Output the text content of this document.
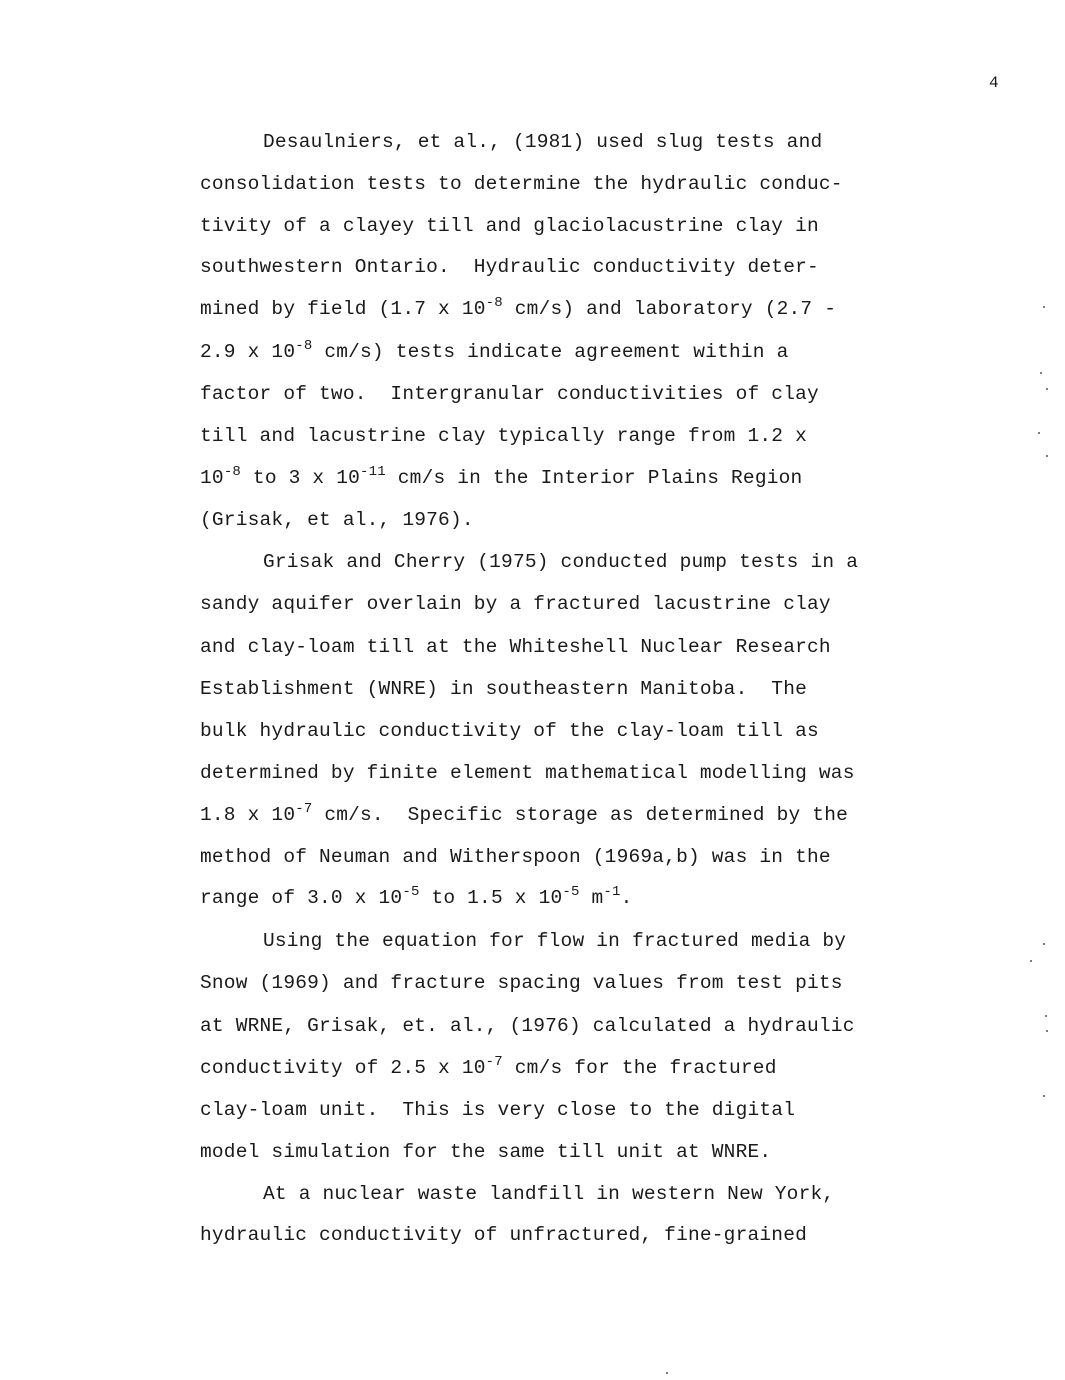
4
Desaulniers, et al., (1981) used slug tests and
consolidation tests to determine the hydraulic conduc-
tivity of a clayey till and glaciolacustrine clay in
southwestern Ontario.  Hydraulic conductivity deter-
mined by field (1.7 x $10^{-8}$ cm/s) and laboratory (2.7 -
2.9 x $10^{-8}$ cm/s) tests indicate agreement within a
factor of two.  Intergranular conductivities of clay
till and lacustrine clay typically range from 1.2 x
$10^{-8}$ to 3 x $10^{-11}$ cm/s in the Interior Plains Region
(Grisak, et al., 1976).
Grisak and Cherry (1975) conducted pump tests in a
sandy aquifer overlain by a fractured lacustrine clay
and clay-loam till at the Whiteshell Nuclear Research
Establishment (WNRE) in southeastern Manitoba.  The
bulk hydraulic conductivity of the clay-loam till as
determined by finite element mathematical modelling was
1.8 x $10^{-7}$ cm/s.  Specific storage as determined by the
method of Neuman and Witherspoon (1969a,b) was in the
range of 3.0 x $10^{-5}$ to 1.5 x $10^{-5}$ $m^{-1}$.
Using the equation for flow in fractured media by
Snow (1969) and fracture spacing values from test pits
at WRNE, Grisak, et. al., (1976) calculated a hydraulic
conductivity of 2.5 x $10^{-7}$ cm/s for the fractured
clay-loam unit.  This is very close to the digital
model simulation for the same till unit at WNRE.
At a nuclear waste landfill in western New York,
hydraulic conductivity of unfractured, fine-grained
